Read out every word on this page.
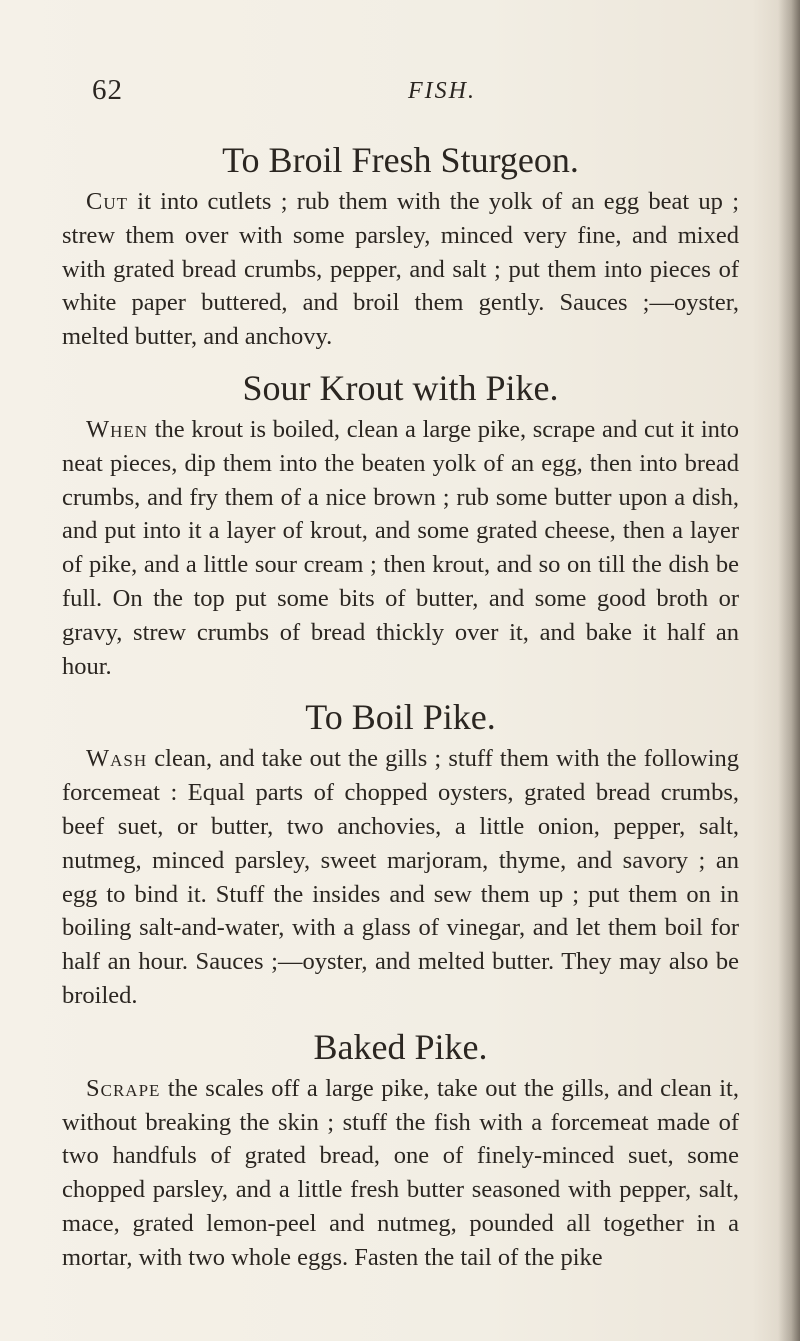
62	FISH.
To Broil Fresh Sturgeon.

Cut it into cutlets ; rub them with the yolk of an egg beat up ; strew them over with some parsley, minced very fine, and mixed with grated bread crumbs, pepper, and salt ; put them into pieces of white paper buttered, and broil them gently. Sauces ;—oyster, melted butter, and anchovy.

Sour Krout with Pike.

When the krout is boiled, clean a large pike, scrape and cut it into neat pieces, dip them into the beaten yolk of an egg, then into bread crumbs, and fry them of a nice brown ; rub some butter upon a dish, and put into it a layer of krout, and some grated cheese, then a layer of pike, and a little sour cream ; then krout, and so on till the dish be full. On the top put some bits of butter, and some good broth or gravy, strew crumbs of bread thickly over it, and bake it half an hour.

To Boil Pike.

Wash clean, and take out the gills ; stuff them with the following forcemeat : Equal parts of chopped oysters, grated bread crumbs, beef suet, or butter, two anchovies, a little onion, pepper, salt, nutmeg, minced parsley, sweet marjoram, thyme, and savory ; an egg to bind it. Stuff the insides and sew them up ; put them on in boiling salt-and-water, with a glass of vinegar, and let them boil for half an hour. Sauces ;—oyster, and melted butter. They may also be broiled.

Baked Pike.

Scrape the scales off a large pike, take out the gills, and clean it, without breaking the skin ; stuff the fish with a forcemeat made of two handfuls of grated bread, one of finely-minced suet, some chopped parsley, and a little fresh butter seasoned with pepper, salt, mace, grated lemon-peel and nutmeg, pounded all together in a mortar, with two whole eggs. Fasten the tail of the pike
